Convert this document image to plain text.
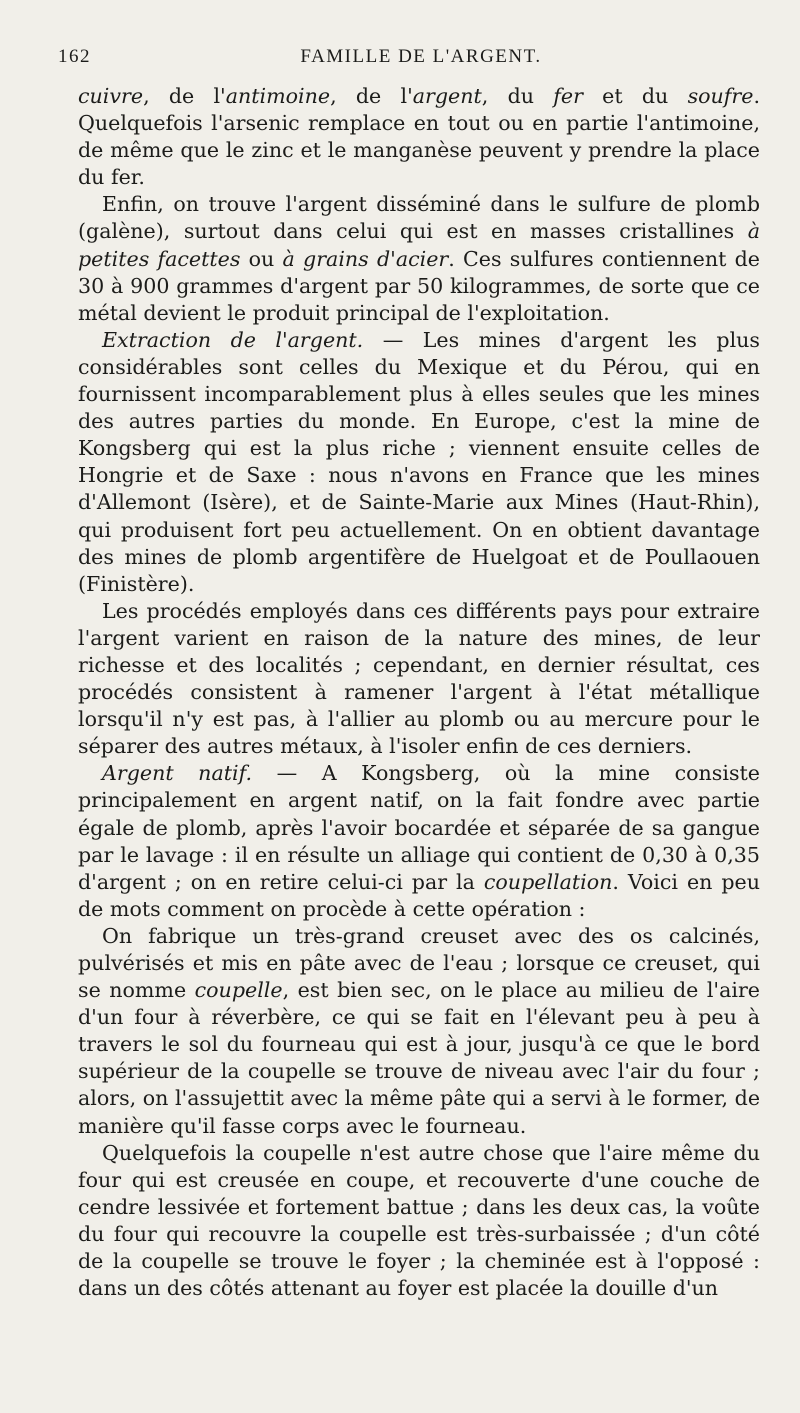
162	FAMILLE DE L'ARGENT.

cuivre, de l'antimoine, de l'argent, du fer et du soufre. Quelquefois l'arsenic remplace en tout ou en partie l'antimoine, de même que le zinc et le manganèse peuvent y prendre la place du fer.

Enfin, on trouve l'argent disséminé dans le sulfure de plomb (galène), surtout dans celui qui est en masses cristallines à petites facettes ou à grains d'acier. Ces sulfures contiennent de 30 à 900 grammes d'argent par 50 kilogrammes, de sorte que ce métal devient le produit principal de l'exploitation.

Extraction de l'argent. — Les mines d'argent les plus considérables sont celles du Mexique et du Pérou, qui en fournissent incomparablement plus à elles seules que les mines des autres parties du monde. En Europe, c'est la mine de Kongsberg qui est la plus riche ; viennent ensuite celles de Hongrie et de Saxe : nous n'avons en France que les mines d'Allemont (Isère), et de Sainte-Marie aux Mines (Haut-Rhin), qui produisent fort peu actuellement. On en obtient davantage des mines de plomb argentifère de Huelgoat et de Poullaouen (Finistère).

Les procédés employés dans ces différents pays pour extraire l'argent varient en raison de la nature des mines, de leur richesse et des localités ; cependant, en dernier résultat, ces procédés consistent à ramener l'argent à l'état métallique lorsqu'il n'y est pas, à l'allier au plomb ou au mercure pour le séparer des autres métaux, à l'isoler enfin de ces derniers.

Argent natif. — A Kongsberg, où la mine consiste principalement en argent natif, on la fait fondre avec partie égale de plomb, après l'avoir bocardée et séparée de sa gangue par le lavage : il en résulte un alliage qui contient de 0,30 à 0,35 d'argent ; on en retire celui-ci par la coupellation. Voici en peu de mots comment on procède à cette opération :

On fabrique un très-grand creuset avec des os calcinés, pulvérisés et mis en pâte avec de l'eau ; lorsque ce creuset, qui se nomme coupelle, est bien sec, on le place au milieu de l'aire d'un four à réverbère, ce qui se fait en l'élevant peu à peu à travers le sol du fourneau qui est à jour, jusqu'à ce que le bord supérieur de la coupelle se trouve de niveau avec l'air du four ; alors, on l'assujettit avec la même pâte qui a servi à le former, de manière qu'il fasse corps avec le fourneau.

Quelquefois la coupelle n'est autre chose que l'aire même du four qui est creusée en coupe, et recouverte d'une couche de cendre lessivée et fortement battue ; dans les deux cas, la voûte du four qui recouvre la coupelle est très-surbaissée ; d'un côté de la coupelle se trouve le foyer ; la cheminée est à l'opposé : dans un des côtés attenant au foyer est placée la douille d'un
